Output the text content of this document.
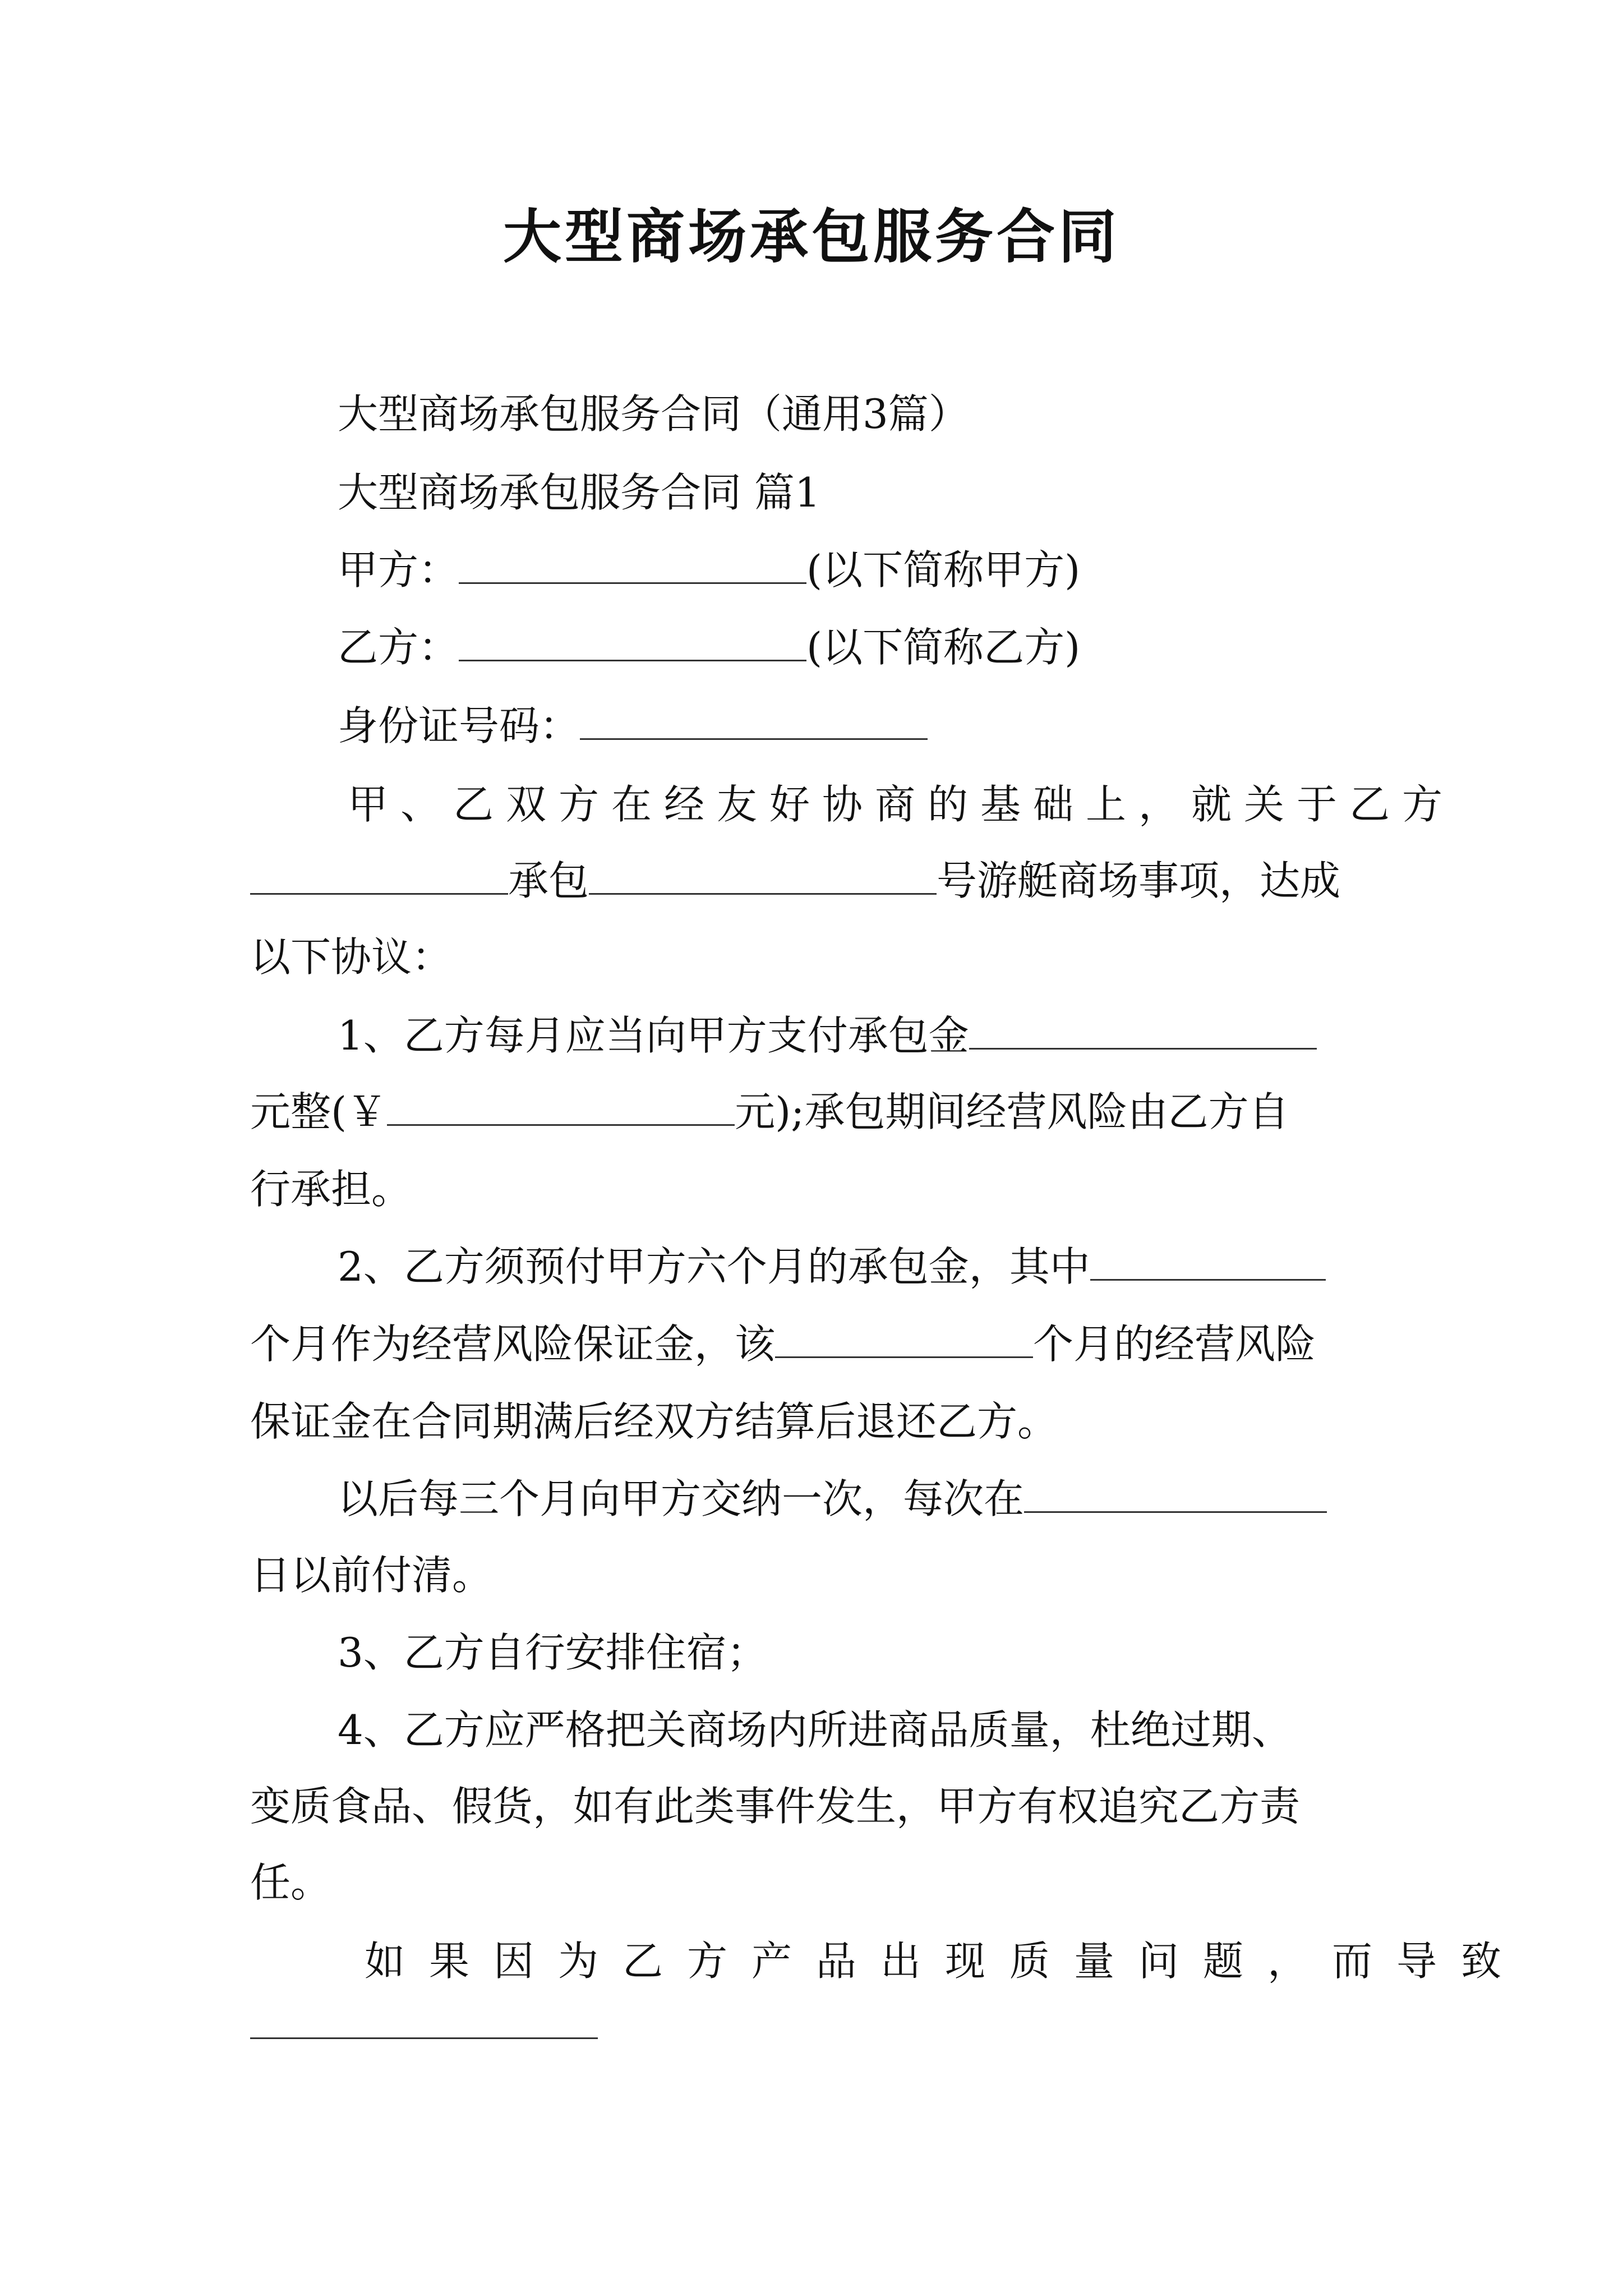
大型商场承包服务合同
大型商场承包服务合同（通用3篇）
大型商场承包服务合同 篇1
甲方：	(以下简称甲方)
乙方：	(以下简称乙方)
身份证号码：
甲、乙双方在经友好协商的基础上，就关于乙方
承包	号游艇商场事项，达成
以下协议：
1、乙方每月应当向甲方支付承包金
元整(￥	元);承包期间经营风险由乙方自
行承担。
2、乙方须预付甲方六个月的承包金，其中
个月作为经营风险保证金，该	个月的经营风险
保证金在合同期满后经双方结算后退还乙方。
以后每三个月向甲方交纳一次，每次在
日以前付清。
3、乙方自行安排住宿；
4、乙方应严格把关商场内所进商品质量，杜绝过期、
变质食品、假货，如有此类事件发生，甲方有权追究乙方责
任。
如果因为乙方产品出现质量问题，而导致
